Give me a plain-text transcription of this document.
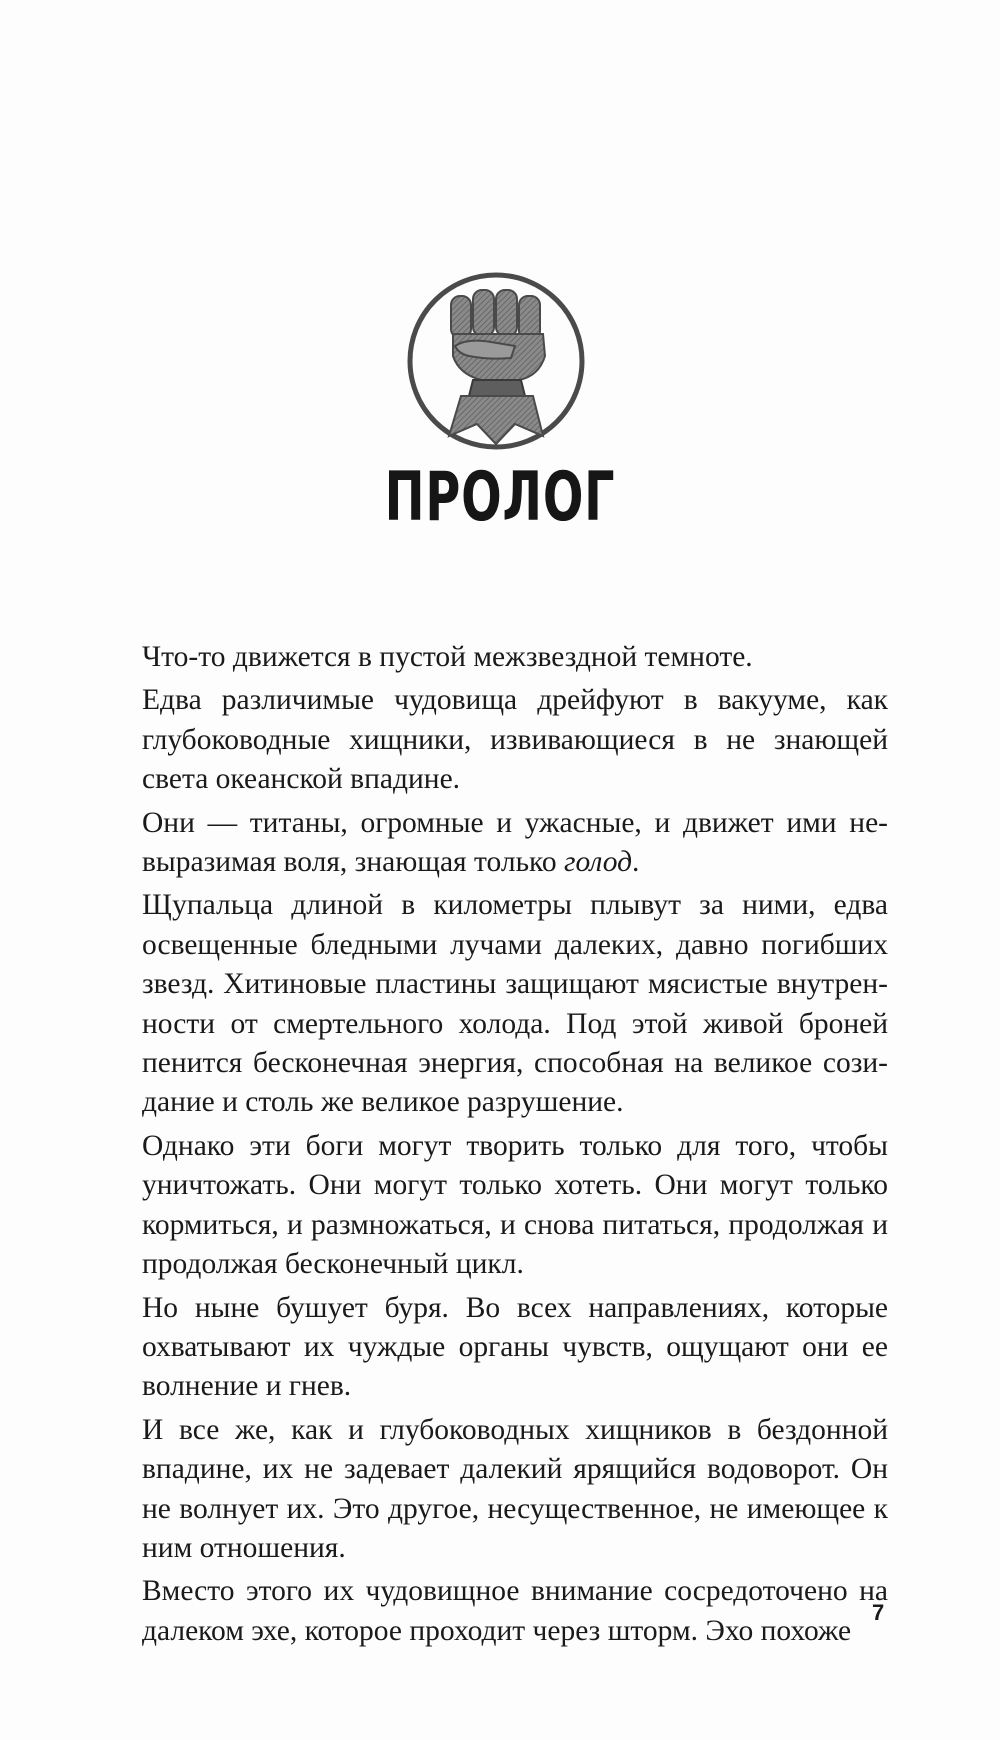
ПРОЛОГ

Что-то движется в пустой межзвездной темноте.

Едва различимые чудовища дрейфуют в вакууме, как глубоководные хищники, извивающиеся в не знающей света океанской впадине.

Они — титаны, огромные и ужасные, и движет ими невыразимая воля, знающая только голод.

Щупальца длиной в километры плывут за ними, едва освещенные бледными лучами далеких, давно погибших звезд. Хитиновые пластины защищают мясистые внутренности от смертельного холода. Под этой живой броней пенится бесконечная энергия, способная на великое созидание и столь же великое разрушение.

Однако эти боги могут творить только для того, чтобы уничтожать. Они могут только хотеть. Они могут только кормиться, и размножаться, и снова питаться, продолжая и продолжая бесконечный цикл.

Но ныне бушует буря. Во всех направлениях, которые охватывают их чуждые органы чувств, ощущают они ее волнение и гнев.

И все же, как и глубоководных хищников в бездонной впадине, их не задевает далекий ярящийся водоворот. Он не волнует их. Это другое, несущественное, не имеющее к ним отношения.

Вместо этого их чудовищное внимание сосредоточено на далеком эхе, которое проходит через шторм. Эхо похоже

7
